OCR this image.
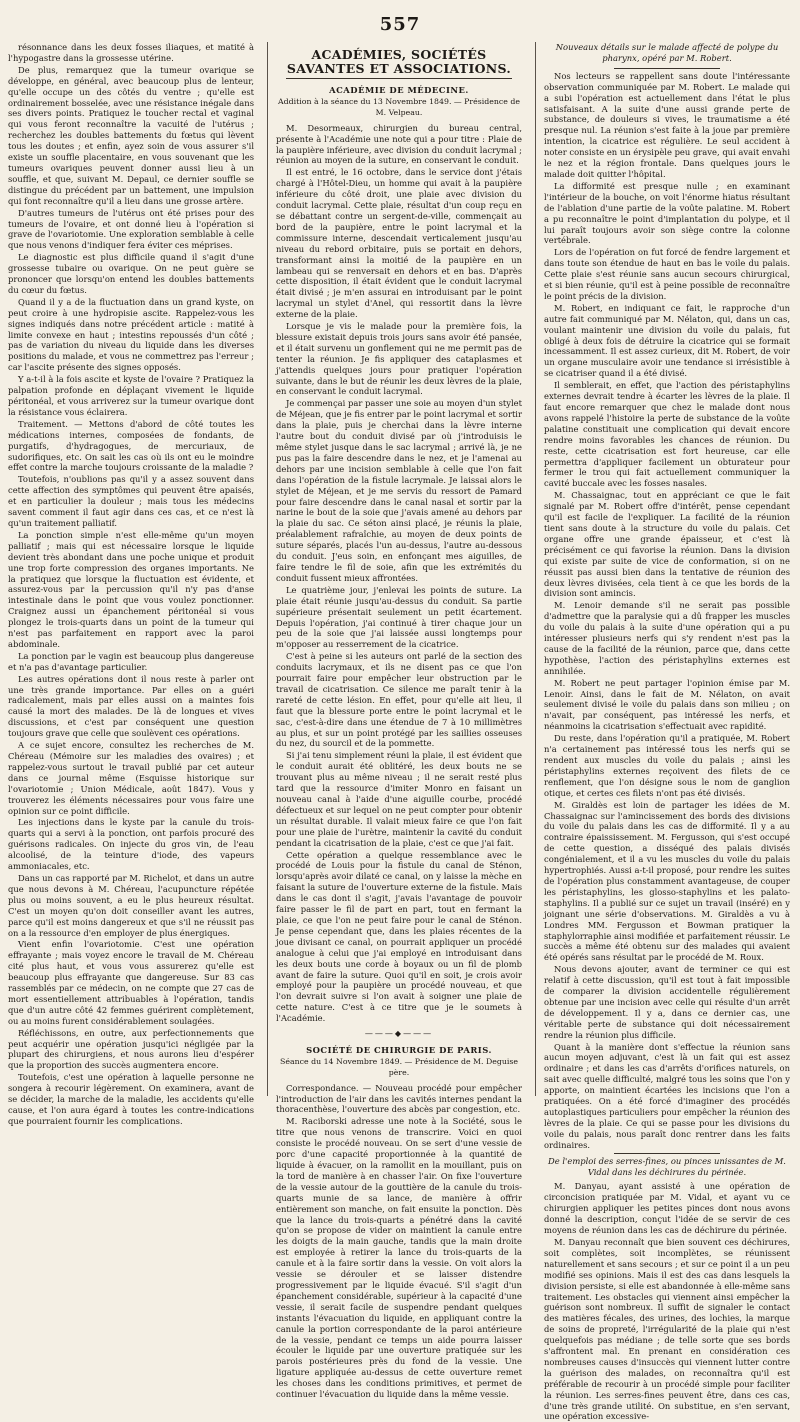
557

résonnance dans les deux fosses iliaques, et matité à l'hypogastre dans la grossesse utérine.

De plus, remarquez que la tumeur ovarique se développe, en général, avec beaucoup plus de lenteur, qu'elle occupe un des côtés du ventre ; qu'elle est ordinairement bosselée, avec une résistance inégale dans ses divers points. Pratiquez le toucher rectal et vaginal qui vous feront reconnaître la vacuité de l'utérus ; recherchez les doubles battements du fœtus qui lèvent tous les doutes ; et enfin, ayez soin de vous assurer s'il existe un souffle placentaire, en vous souvenant que les tumeurs ovariques peuvent donner aussi lieu à un souffle, et que, suivant M. Depaul, ce dernier souffle se distingue du précédent par un battement, une impulsion qui font reconnaître qu'il a lieu dans une grosse artère.

D'autres tumeurs de l'utérus ont été prises pour des tumeurs de l'ovaire, et ont donné lieu à l'opération si grave de l'ovariotomie. Une exploration semblable à celle que nous venons d'indiquer fera éviter ces méprises.

Le diagnostic est plus difficile quand il s'agit d'une grossesse tubaire ou ovarique. On ne peut guère se prononcer que lorsqu'on entend les doubles battements du cœur du fœtus.

Quand il y a de la fluctuation dans un grand kyste, on peut croire à une hydropisie ascite. Rappelez-vous les signes indiqués dans notre précédent article : matité à limite convexe en haut ; intestins repoussés d'un côté ; pas de variation du niveau du liquide dans les diverses positions du malade, et vous ne commettrez pas l'erreur ; car l'ascite présente des signes opposés.

Y a-t-il à la fois ascite et kyste de l'ovaire ? Pratiquez la palpation profonde en déplaçant vivement le liquide péritonéal, et vous arriverez sur la tumeur ovarique dont la résistance vous éclairera.

Traitement. — Mettons d'abord de côté toutes les médications internes, composées de fondants, de purgatifs, d'hydragogues, de mercuriaux, de sudorifiques, etc. On sait les cas où ils ont eu le moindre effet contre la marche toujours croissante de la maladie ?

Toutefois, n'oublions pas qu'il y a assez souvent dans cette affection des symptômes qui peuvent être apaisés, et en particulier la douleur ; mais tous les médecins savent comment il faut agir dans ces cas, et ce n'est là qu'un traitement palliatif.

La ponction simple n'est elle-même qu'un moyen palliatif ; mais qui est nécessaire lorsque le liquide devient très abondant dans une poche unique et produit une trop forte compression des organes importants. Ne la pratiquez que lorsque la fluctuation est évidente, et assurez-vous par la percussion qu'il n'y pas d'anse intestinale dans le point que vous voulez ponctionner. Craignez aussi un épanchement péritonéal si vous plongez le trois-quarts dans un point de la tumeur qui n'est pas parfaitement en rapport avec la paroi abdominale.

La ponction par le vagin est beaucoup plus dangereuse et n'a pas d'avantage particulier.

Les autres opérations dont il nous reste à parler ont une très grande importance. Par elles on a guéri radicalement, mais par elles aussi on a maintes fois causé la mort des malades. De là de longues et vives discussions, et c'est par conséquent une question toujours grave que celle que soulèvent ces opérations.

A ce sujet encore, consultez les recherches de M. Chéreau (Mémoire sur les maladies des ovaires) ; et rappelez-vous surtout le travail publié par cet auteur dans ce journal même (Esquisse historique sur l'ovariotomie ; Union Médicale, août 1847). Vous y trouverez les éléments nécessaires pour vous faire une opinion sur ce point difficile.

Les injections dans le kyste par la canule du trois-quarts qui a servi à la ponction, ont parfois procuré des guérisons radicales. On injecte du gros vin, de l'eau alcoolisé, de la teinture d'iode, des vapeurs ammoniacales, etc.

Dans un cas rapporté par M. Richelot, et dans un autre que nous devons à M. Chéreau, l'acupuncture répétée plus ou moins souvent, a eu le plus heureux résultat. C'est un moyen qu'on doit conseiller avant les autres, parce qu'il est moins dangereux et que s'il ne réussit pas on a la ressource d'en employer de plus énergiques.

Vient enfin l'ovariotomie. C'est une opération effrayante ; mais voyez encore le travail de M. Chéreau cité plus haut, et vous vous assurerez qu'elle est beaucoup plus effrayante que dangereuse. Sur 83 cas rassemblés par ce médecin, on ne compte que 27 cas de mort essentiellement attribuables à l'opération, tandis que d'un autre côté 42 femmes guérirent complètement, ou au moins furent considérablement soulagées.

Réfléchissons, en outre, aux perfectionnements que peut acquérir une opération jusqu'ici négligée par la plupart des chirurgiens, et nous aurons lieu d'espérer que la proportion des succès augmentera encore.

Toutefois, c'est une opération à laquelle personne ne songera à recourir légèrement. On examinera, avant de se décider, la marche de la maladie, les accidents qu'elle cause, et l'on aura égard à toutes les contre-indications que pourraient fournir les complications.

ACADÉMIES, SOCIÉTÉS SAVANTES ET ASSOCIATIONS.
ACADÉMIE DE MÉDECINE.
Addition à la séance du 13 Novembre 1849. — Présidence de M. Velpeau.

M. Desormeaux, chirurgien du bureau central, présente à l'Académie une note qui a pour titre : Plaie de la paupière inférieure, avec division du conduit lacrymal ; réunion au moyen de la suture, en conservant le conduit.

Il est entré, le 16 octobre, dans le service dont j'étais chargé à l'Hôtel-Dieu, un homme qui avait à la paupière inférieure du côté droit, une plaie avec division du conduit lacrymal. Cette plaie, résultat d'un coup reçu en se débattant contre un sergent-de-ville, commençait au bord de la paupière, entre le point lacrymal et la commissure interne, descendait verticalement jusqu'au niveau du rebord orbitaire, puis se portait en dehors, transformant ainsi la moitié de la paupière en un lambeau qui se renversait en dehors et en bas. D'après cette disposition, il était évident que le conduit lacrymal était divisé ; je m'en assurai en introduisant par le point lacrymal un stylet d'Anel, qui ressortit dans la lèvre externe de la plaie.

Lorsque je vis le malade pour la première fois, la blessure existait depuis trois jours sans avoir été pansée, et il était survenu un gonflement qui ne me permit pas de tenter la réunion. Je fis appliquer des cataplasmes et j'attendis quelques jours pour pratiquer l'opération suivante, dans le but de réunir les deux lèvres de la plaie, en conservant le conduit lacrymal.

Je commençai par passer une soie au moyen d'un stylet de Méjean, que je fis entrer par le point lacrymal et sortir dans la plaie, puis je cherchai dans la lèvre interne l'autre bout du conduit divisé par où j'introduisis le même stylet jusque dans le sac lacrymal ; arrivé là, je ne pus pas la faire descendre dans le nez, et je l'amenai au dehors par une incision semblable à celle que l'on fait dans l'opération de la fistule lacrymale. Je laissai alors le stylet de Méjean, et je me servis du ressort de Pamard pour faire descendre dans le canal nasal et sortir par la narine le bout de la soie que j'avais amené au dehors par la plaie du sac. Ce séton ainsi placé, je réunis la plaie, préalablement rafraîchie, au moyen de deux points de suture séparés, placés l'un au-dessus, l'autre au-dessous du conduit. J'eus soin, en enfonçant mes aiguilles, de faire tendre le fil de soie, afin que les extrémités du conduit fussent mieux affrontées.

Le quatrième jour, j'enlevai les points de suture. La plaie était réunie jusqu'au-dessus du conduit. Sa partie supérieure présentait seulement un petit écartement. Depuis l'opération, j'ai continué à tirer chaque jour un peu de la soie que j'ai laissée aussi longtemps pour m'opposer au resserrement de la cicatrice.

C'est à peine si les auteurs ont parlé de la section des conduits lacrymaux, et ils ne disent pas ce que l'on pourrait faire pour empêcher leur obstruction par le travail de cicatrisation. Ce silence me paraît tenir à la rareté de cette lésion. En effet, pour qu'elle ait lieu, il faut que la blessure porte entre le point lacrymal et le sac, c'est-à-dire dans une étendue de 7 à 10 millimètres au plus, et sur un point protégé par les saillies osseuses du nez, du sourcil et de la pommette.

Si j'ai tenu simplement réuni la plaie, il est évident que le conduit aurait été oblitéré, les deux bouts ne se trouvant plus au même niveau ; il ne serait resté plus tard que la ressource d'imiter Monro en faisant un nouveau canal à l'aide d'une aiguille courbe, procédé défectueux et sur lequel on ne peut compter pour obtenir un résultat durable. Il valait mieux faire ce que l'on fait pour une plaie de l'urètre, maintenir la cavité du conduit pendant la cicatrisation de la plaie, c'est ce que j'ai fait.

Cette opération a quelque ressemblance avec le procédé de Louis pour la fistule du canal de Sténon, lorsqu'après avoir dilaté ce canal, on y laisse la mèche en faisant la suture de l'ouverture externe de la fistule. Mais dans le cas dont il s'agit, j'avais l'avantage de pouvoir faire passer le fil de part en part, tout en fermant la plaie, ce que l'on ne peut faire pour le canal de Sténon. Je pense cependant que, dans les plaies récentes de la joue divisant ce canal, on pourrait appliquer un procédé analogue à celui que j'ai employé en introduisant dans les deux bouts une corde à boyaux ou un fil de plomb avant de faire la suture. Quoi qu'il en soit, je crois avoir employé pour la paupière un procédé nouveau, et que l'on devrait suivre si l'on avait à soigner une plaie de cette nature. C'est à ce titre que je le soumets à l'Académie.

———◆———
SOCIÉTÉ DE CHIRURGIE DE PARIS.
Séance du 14 Novembre 1849. — Présidence de M. Deguise père.

Correspondance. — Nouveau procédé pour empêcher l'introduction de l'air dans les cavités internes pendant la thoracenthèse, l'ouverture des abcès par congestion, etc.

M. Raciborski adresse une note à la Société, sous le titre que nous venons de transcrire. Voici en quoi consiste le procédé nouveau. On se sert d'une vessie de porc d'une capacité proportionnée à la quantité de liquide à évacuer, on la ramollit en la mouillant, puis on la tord de manière à en chasser l'air. On fixe l'ouverture de la vessie autour de la gouttière de la canule du trois-quarts munie de sa lance, de manière à offrir entièrement son manche, on fait ensuite la ponction. Dès que la lance du trois-quarts a pénétré dans la cavité qu'on se propose de vider on maintient la canule entre les doigts de la main gauche, tandis que la main droite est employée à retirer la lance du trois-quarts de la canule et à la faire sortir dans la vessie. On voit alors la vessie se dérouler et se laisser distendre progressivement par le liquide évacué. S'il s'agit d'un épanchement considérable, supérieur à la capacité d'une vessie, il serait facile de suspendre pendant quelques instants l'évacuation du liquide, en appliquant contre la canule la portion correspondante de la paroi antérieure de la vessie, pendant ce temps un aide pourra laisser écouler le liquide par une ouverture pratiquée sur les parois postérieures près du fond de la vessie. Une ligature appliquée au-dessus de cette ouverture remet les choses dans les conditions primitives, et permet de continuer l'évacuation du liquide dans la même vessie.

Nouveaux détails sur le malade affecté de polype du pharynx, opéré par M. Robert.

Nos lecteurs se rappellent sans doute l'intéressante observation communiquée par M. Robert. Le malade qui a subi l'opération est actuellement dans l'état le plus satisfaisant. A la suite d'une aussi grande perte de substance, de douleurs si vives, le traumatisme a été presque nul. La réunion s'est faite à la joue par première intention, la cicatrice est régulière. Le seul accident à noter consiste en un érysipèle peu grave, qui avait envahi le nez et la région frontale. Dans quelques jours le malade doit quitter l'hôpital.

La difformité est presque nulle ; en examinant l'intérieur de la bouche, on voit l'énorme hiatus résultant de l'ablation d'une partie de la voûte palatine. M. Robert a pu reconnaître le point d'implantation du polype, et il lui paraît toujours avoir son siège contre la colonne vertébrale.

Lors de l'opération on fut forcé de fendre largement et dans toute son étendue de haut en bas le voile du palais. Cette plaie s'est réunie sans aucun secours chirurgical, et si bien réunie, qu'il est à peine possible de reconnaître le point précis de la division.

M. Robert, en indiquant ce fait, le rapproche d'un autre fait communiqué par M. Nélaton, qui, dans un cas, voulant maintenir une division du voile du palais, fut obligé à deux fois de détruire la cicatrice qui se formait incessamment. Il est assez curieux, dit M. Robert, de voir un organe musculaire avoir une tendance si irrésistible à se cicatriser quand il a été divisé.

Il semblerait, en effet, que l'action des péristaphylins externes devrait tendre à écarter les lèvres de la plaie. Il faut encore remarquer que chez le malade dont nous avons rappelé l'histoire la perte de substance de la voûte palatine constituait une complication qui devait encore rendre moins favorables les chances de réunion. Du reste, cette cicatrisation est fort heureuse, car elle permettra d'appliquer facilement un obturateur pour fermer le trou qui fait actuellement communiquer la cavité buccale avec les fosses nasales.

M. Chassaignac, tout en appréciant ce que le fait signalé par M. Robert offre d'intérêt, pense cependant qu'il est facile de l'expliquer. La facilité de la réunion tient sans doute à la structure du voile du palais. Cet organe offre une grande épaisseur, et c'est là précisément ce qui favorise la réunion. Dans la division qui existe par suite de vice de conformation, si on ne réussit pas aussi bien dans la tentative de réunion des deux lèvres divisées, cela tient à ce que les bords de la division sont amincis.

M. Lenoir demande s'il ne serait pas possible d'admettre que la paralysie qui a dû frapper les muscles du voile du palais à la suite d'une opération qui a pu intéresser plusieurs nerfs qui s'y rendent n'est pas la cause de la facilité de la réunion, parce que, dans cette hypothèse, l'action des péristaphylins externes est annihilée.

M. Robert ne peut partager l'opinion émise par M. Lenoir. Ainsi, dans le fait de M. Nélaton, on avait seulement divisé le voile du palais dans son milieu ; on n'avait, par conséquent, pas intéressé les nerfs, et néanmoins la cicatrisation s'effectuait avec rapidité.

Du reste, dans l'opération qu'il a pratiquée, M. Robert n'a certainement pas intéressé tous les nerfs qui se rendent aux muscles du voile du palais ; ainsi les péristaphylins externes reçoivent des filets de ce renflement, que l'on désigne sous le nom de ganglion otique, et certes ces filets n'ont pas été divisés.

M. Giraldès est loin de partager les idées de M. Chassaignac sur l'amincissement des bords des divisions du voile du palais dans les cas de difformité. Il y a au contraire épaississement. M. Fergusson, qui s'est occupé de cette question, a disséqué des palais divisés congénialement, et il a vu les muscles du voile du palais hypertrophiés. Aussi a-t-il proposé, pour rendre les suites de l'opération plus constamment avantageuse, de couper les péristaphylins, les glosso-staphylins et les palato-staphylins. Il a publié sur ce sujet un travail (inséré) en y joignant une série d'observations. M. Giraldès a vu à Londres MM. Fergusson et Bowman pratiquer la staphylorraphie ainsi modifiée et parfaitement réussir. Le succès a même été obtenu sur des malades qui avaient été opérés sans résultat par le procédé de M. Roux.

Nous devons ajouter, avant de terminer ce qui est relatif à cette discussion, qu'il est tout à fait impossible de comparer la division accidentelle régulièrement obtenue par une incision avec celle qui résulte d'un arrêt de développement. Il y a, dans ce dernier cas, une véritable perte de substance qui doit nécessairement rendre la réunion plus difficile.

Quant à la manière dont s'effectue la réunion sans aucun moyen adjuvant, c'est là un fait qui est assez ordinaire ; et dans les cas d'arrêts d'orifices naturels, on sait avec quelle difficulté, malgré tous les soins que l'on y apporte, on maintient écartées les incisions que l'on a pratiquées. On a été forcé d'imaginer des procédés autoplastiques particuliers pour empêcher la réunion des lèvres de la plaie. Ce qui se passe pour les divisions du voile du palais, nous paraît donc rentrer dans les faits ordinaires.

De l'emploi des serres-fines, ou pinces unissantes de M. Vidal dans les déchirures du périnée.

M. Danyau, ayant assisté à une opération de circoncision pratiquée par M. Vidal, et ayant vu ce chirurgien appliquer les petites pinces dont nous avons donné la description, conçut l'idée de se servir de ces moyens de réunion dans les cas de déchirure du périnée.

M. Danyau reconnaît que bien souvent ces déchirures, soit complètes, soit incomplètes, se réunissent naturellement et sans secours ; et sur ce point il a un peu modifié ses opinions. Mais il est des cas dans lesquels la division persiste, si elle est abandonnée à elle-même sans traitement. Les obstacles qui viennent ainsi empêcher la guérison sont nombreux. Il suffit de signaler le contact des matières fécales, des urines, des lochies, la marque de soins de propreté, l'irrégularité de la plaie qui n'est quelquefois pas médiane ; de telle sorte que ses bords s'affrontent mal. En prenant en considération ces nombreuses causes d'insuccès qui viennent lutter contre la guérison des malades, on reconnaîtra qu'il est préférable de recourir à un procédé simple pour faciliter la réunion. Les serres-fines peuvent être, dans ces cas, d'une très grande utilité. On substitue, en s'en servant, une opération excessive-
